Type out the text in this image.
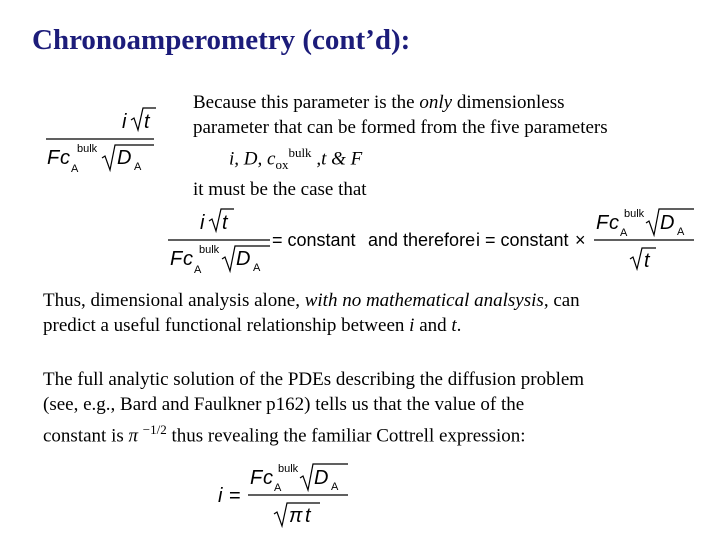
Chronoamperometry (cont’d):
i t
F c bulk
A D A
Because this parameter is the only dimensionless
parameter that can be formed from the five parameters
i, D, $c_{ox}^{bulk}$ ,t & F
it must be the case that
i t
F c bulk
A D A
= constant and therefore i = constant ×
F c bulk
A D A
t
Thus, dimensional analysis alone, with no mathematical analsysis, can
predict a useful functional relationship between i and t.
The full analytic solution of the PDEs describing the diffusion problem
(see, e.g., Bard and Faulkner p162) tells us that the value of the
constant is π $^{-1/2}$ thus revealing the familiar Cottrell expression:
i =
F c bulk
A D A
π t
